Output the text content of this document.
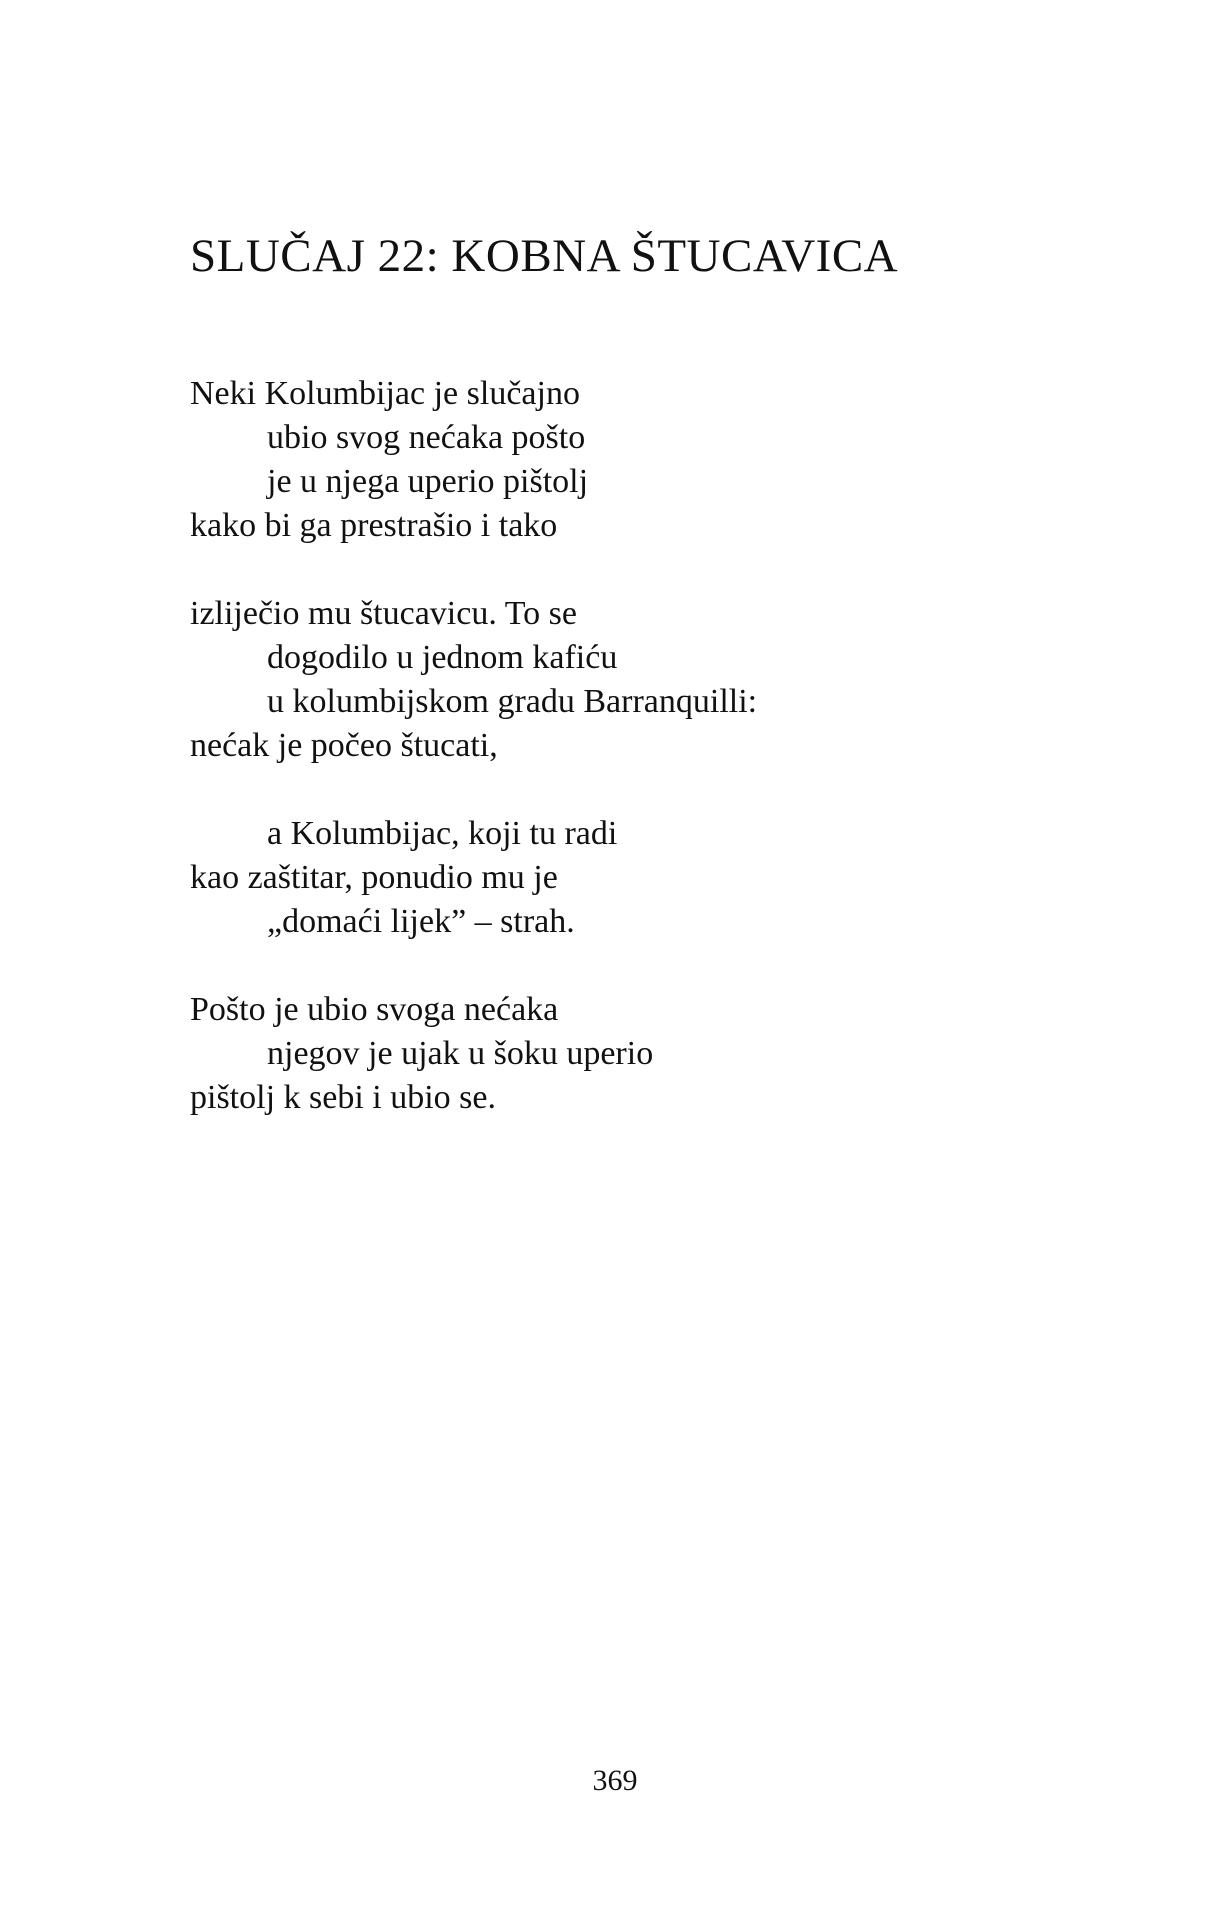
SLUČAJ 22: KOBNA ŠTUCAVICA
Neki Kolumbijac je slučajno
ubio svog nećaka pošto
je u njega uperio pištolj
kako bi ga prestrašio i tako
izliječio mu štucavicu. To se
dogodilo u jednom kafiću
u kolumbijskom gradu Barranquilli:
nećak je počeo štucati,
a Kolumbijac, koji tu radi
kao zaštitar, ponudio mu je
„domaći lijek” – strah.
Pošto je ubio svoga nećaka
njegov je ujak u šoku uperio
pištolj k sebi i ubio se.
369
